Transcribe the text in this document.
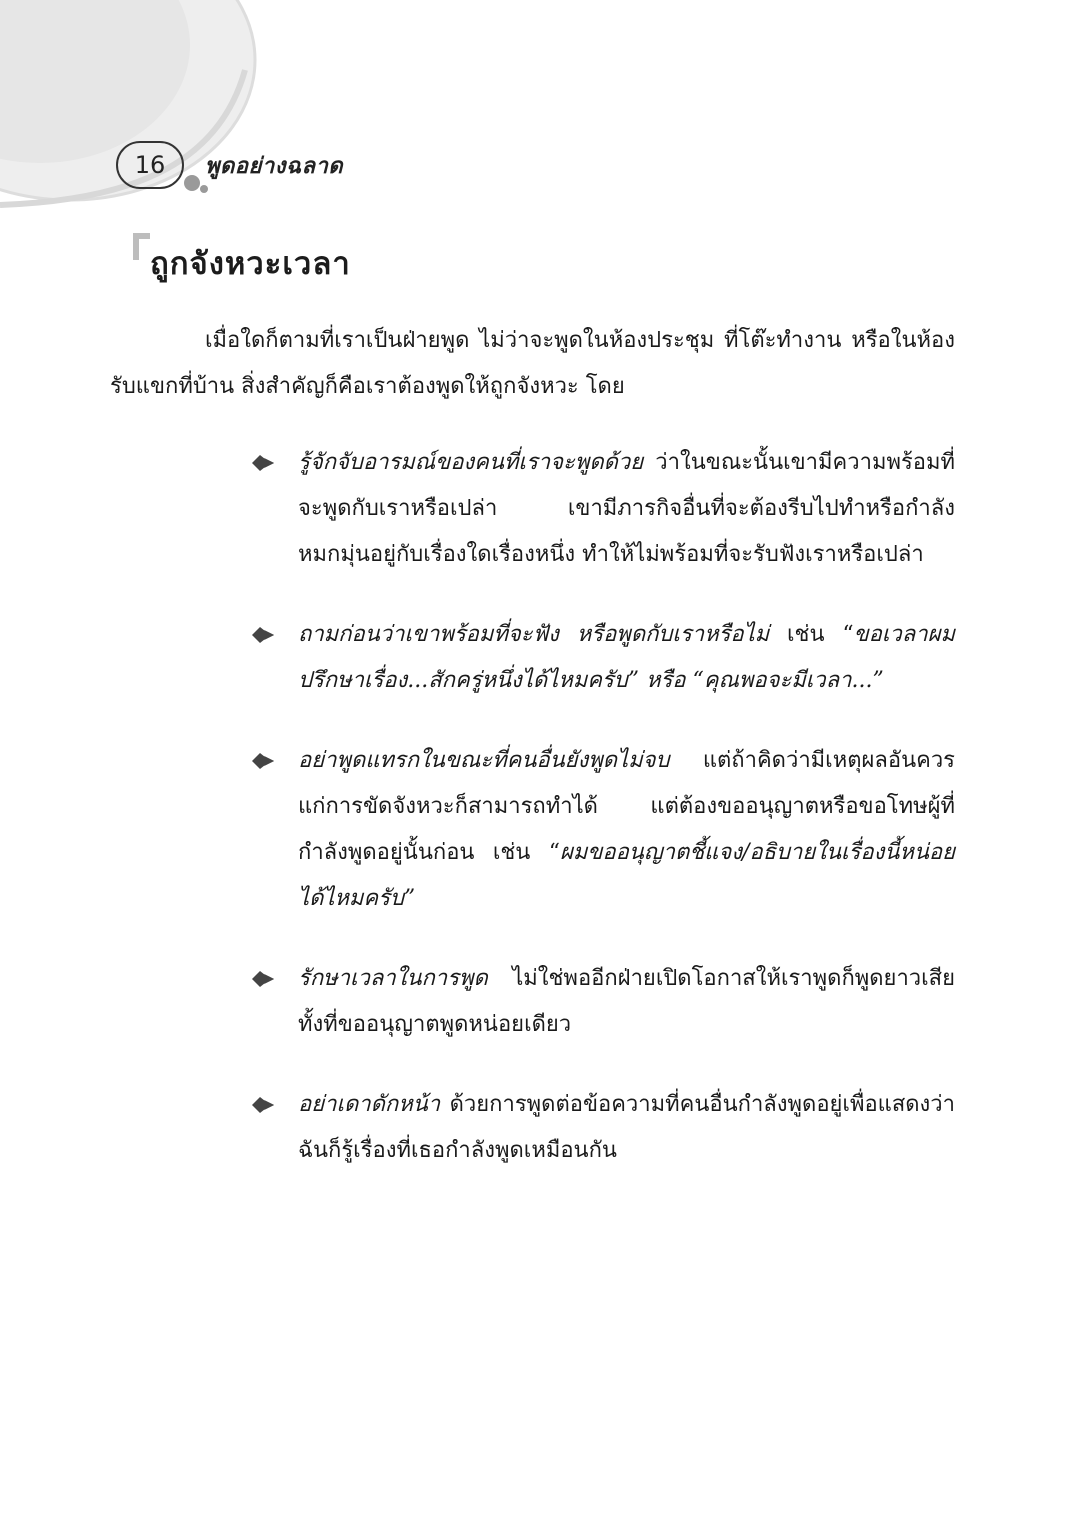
16	พูดอย่างฉลาด
ถูกจังหวะเวลา

เมื่อใดก็ตามที่เราเป็นฝ่ายพูด ไม่ว่าจะพูดในห้องประชุม ที่โต๊ะทำงาน หรือในห้องรับแขกที่บ้าน สิ่งสำคัญก็คือเราต้องพูดให้ถูกจังหวะ โดย

รู้จักจับอารมณ์ของคนที่เราจะพูดด้วย ว่าในขณะนั้นเขามีความพร้อมที่จะพูดกับเราหรือเปล่า เขามีภารกิจอื่นที่จะต้องรีบไปทำหรือกำลังหมกมุ่นอยู่กับเรื่องใดเรื่องหนึ่ง ทำให้ไม่พร้อมที่จะรับฟังเราหรือเปล่า
ถามก่อนว่าเขาพร้อมที่จะฟัง หรือพูดกับเราหรือไม่ เช่น “ขอเวลาผมปรึกษาเรื่อง...สักครู่หนึ่งได้ไหมครับ” หรือ “คุณพอจะมีเวลา...”
อย่าพูดแทรกในขณะที่คนอื่นยังพูดไม่จบ แต่ถ้าคิดว่ามีเหตุผลอันควรแก่การขัดจังหวะก็สามารถทำได้ แต่ต้องขออนุญาตหรือขอโทษผู้ที่กำลังพูดอยู่นั้นก่อน เช่น “ผมขออนุญาตชี้แจง/อธิบายในเรื่องนี้หน่อยได้ไหมครับ”
รักษาเวลาในการพูด ไม่ใช่พออีกฝ่ายเปิดโอกาสให้เราพูดก็พูดยาวเสีย ทั้งที่ขออนุญาตพูดหน่อยเดียว
อย่าเดาดักหน้า ด้วยการพูดต่อข้อความที่คนอื่นกำลังพูดอยู่เพื่อแสดงว่าฉันก็รู้เรื่องที่เธอกำลังพูดเหมือนกัน
